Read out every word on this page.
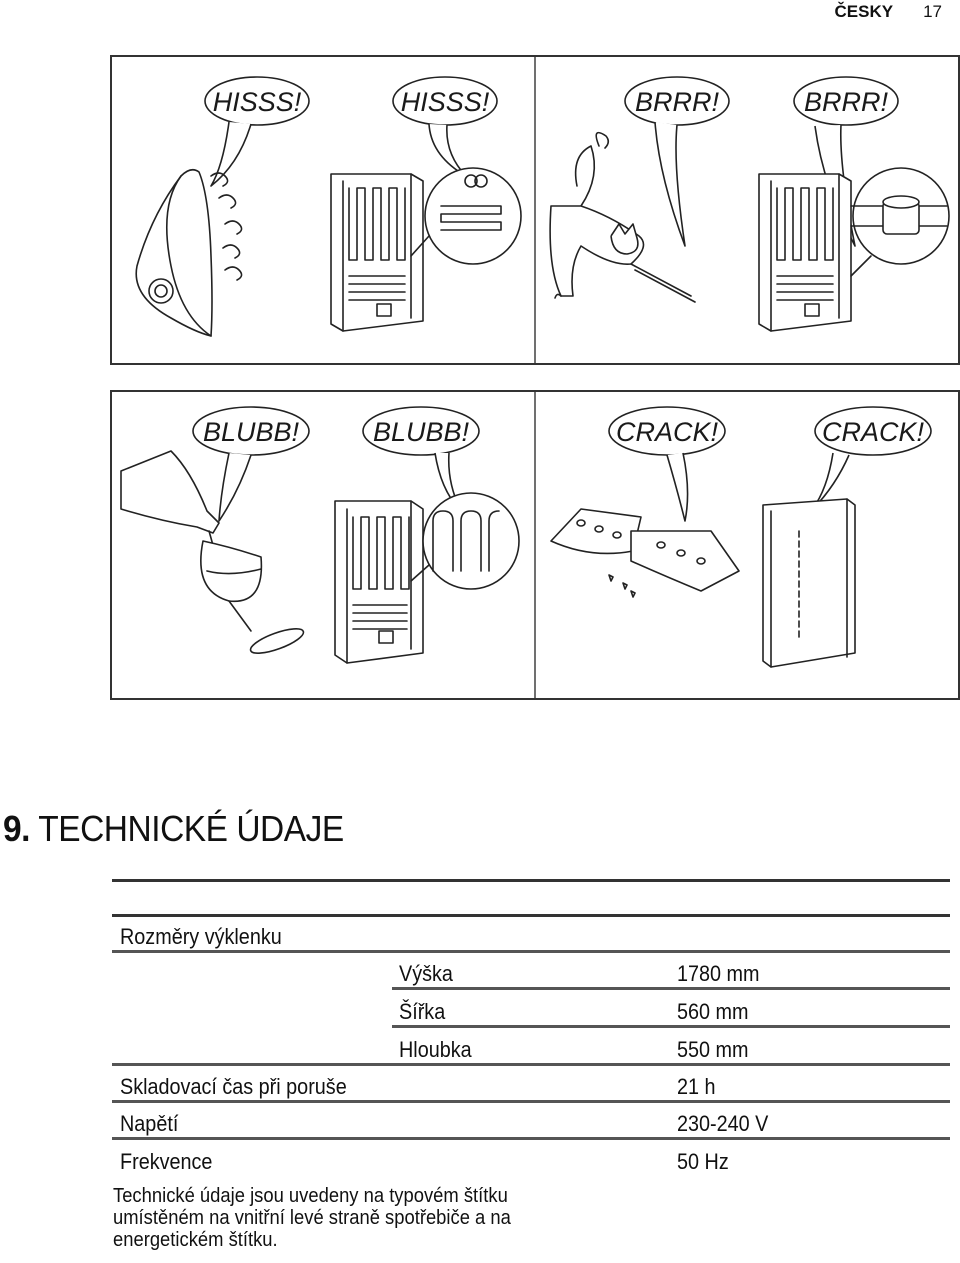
ČESKY 17
HISSS!	HISSS!	BRRR!	BRRR!
BLUBB!	BLUBB!	CRACK!	CRACK!
9. TECHNICKÉ ÚDAJE
Rozměry výklenku
Výška	1780 mm
Šířka	560 mm
Hloubka	550 mm
Skladovací čas při poruše	21 h
Napětí	230-240 V
Frekvence	50 Hz
Technické údaje jsou uvedeny na typovém štítku umístěném na vnitřní levé straně spotřebiče a na energetickém štítku.
